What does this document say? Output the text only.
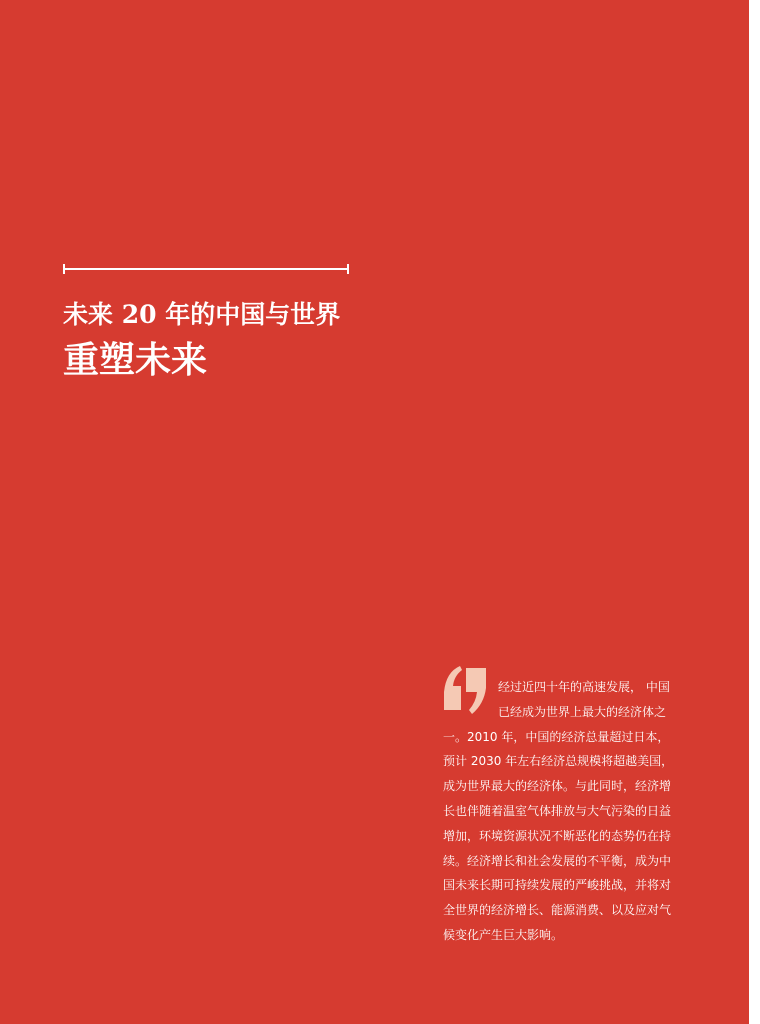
未来 20 年的中国与世界
重塑未来
经过近四十年的高速发展， 中国
已经成为世界上最大的经济体之
一。2010 年，中国的经济总量超过日本，
预计 2030 年左右经济总规模将超越美国，
成为世界最大的经济体。与此同时，经济增
长也伴随着温室气体排放与大气污染的日益
增加，环境资源状况不断恶化的态势仍在持
续。经济增长和社会发展的不平衡，成为中
国未来长期可持续发展的严峻挑战，并将对
全世界的经济增长、能源消费、以及应对气
候变化产生巨大影响。
